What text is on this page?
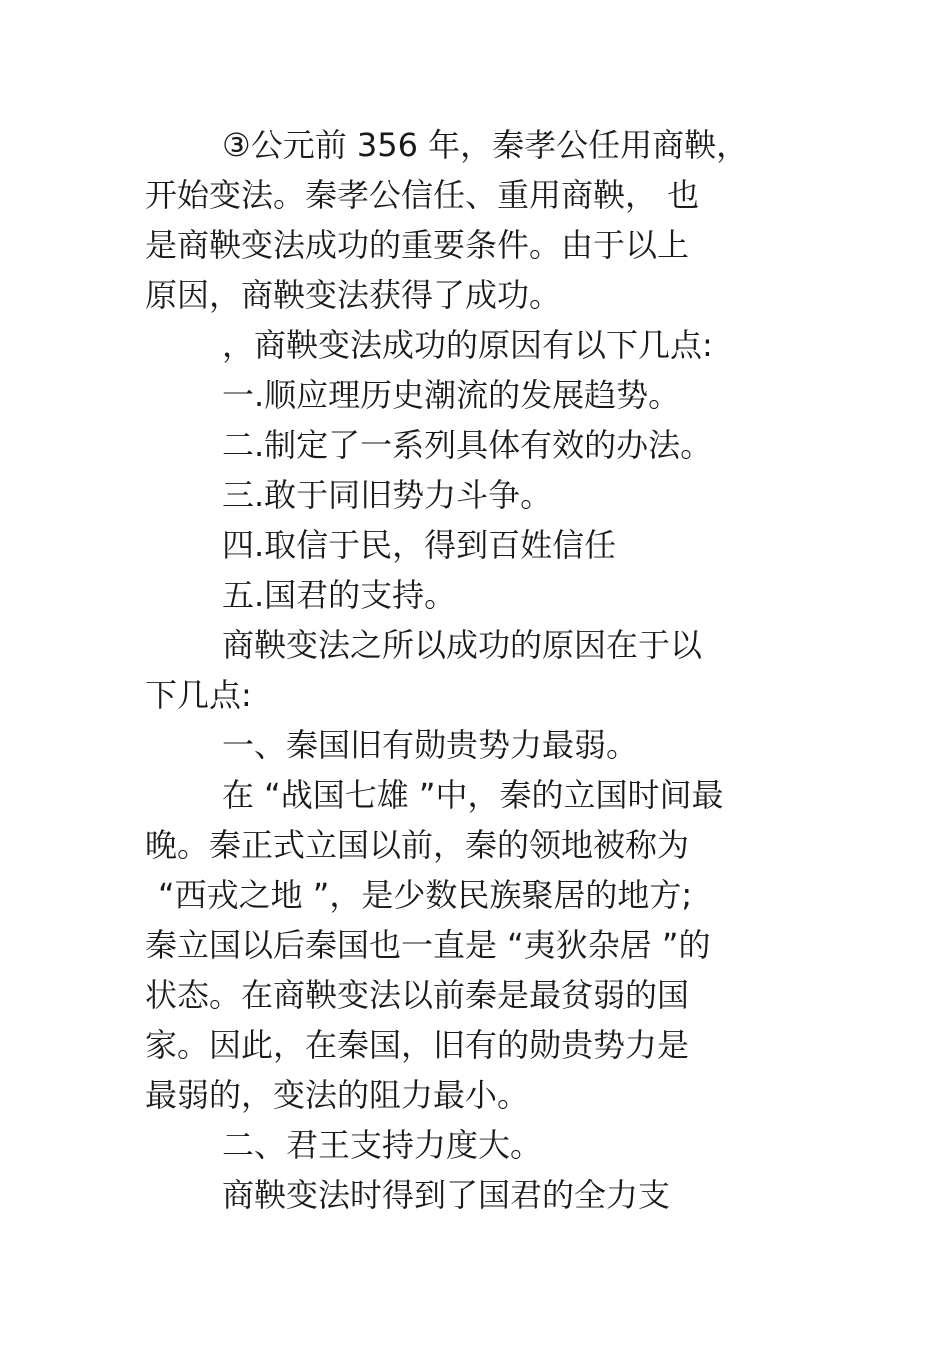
③公元前 356 年，秦孝公任用商鞅，
开始变法。秦孝公信任、重用商鞅， 也
是商鞅变法成功的重要条件。由于以上
原因，商鞅变法获得了成功。
，商鞅变法成功的原因有以下几点:
一.顺应理历史潮流的发展趋势。
二.制定了一系列具体有效的办法。
三.敢于同旧势力斗争。
四.取信于民，得到百姓信任
五.国君的支持。
商鞅变法之所以成功的原因在于以
下几点:
一、秦国旧有勋贵势力最弱。
在 “战国七雄 ”中，秦的立国时间最
晚。秦正式立国以前，秦的领地被称为
“西戎之地 ”，是少数民族聚居的地方;
秦立国以后秦国也一直是 “夷狄杂居 ”的
状态。在商鞅变法以前秦是最贫弱的国
家。因此，在秦国，旧有的勋贵势力是
最弱的，变法的阻力最小。
二、君王支持力度大。
商鞅变法时得到了国君的全力支
